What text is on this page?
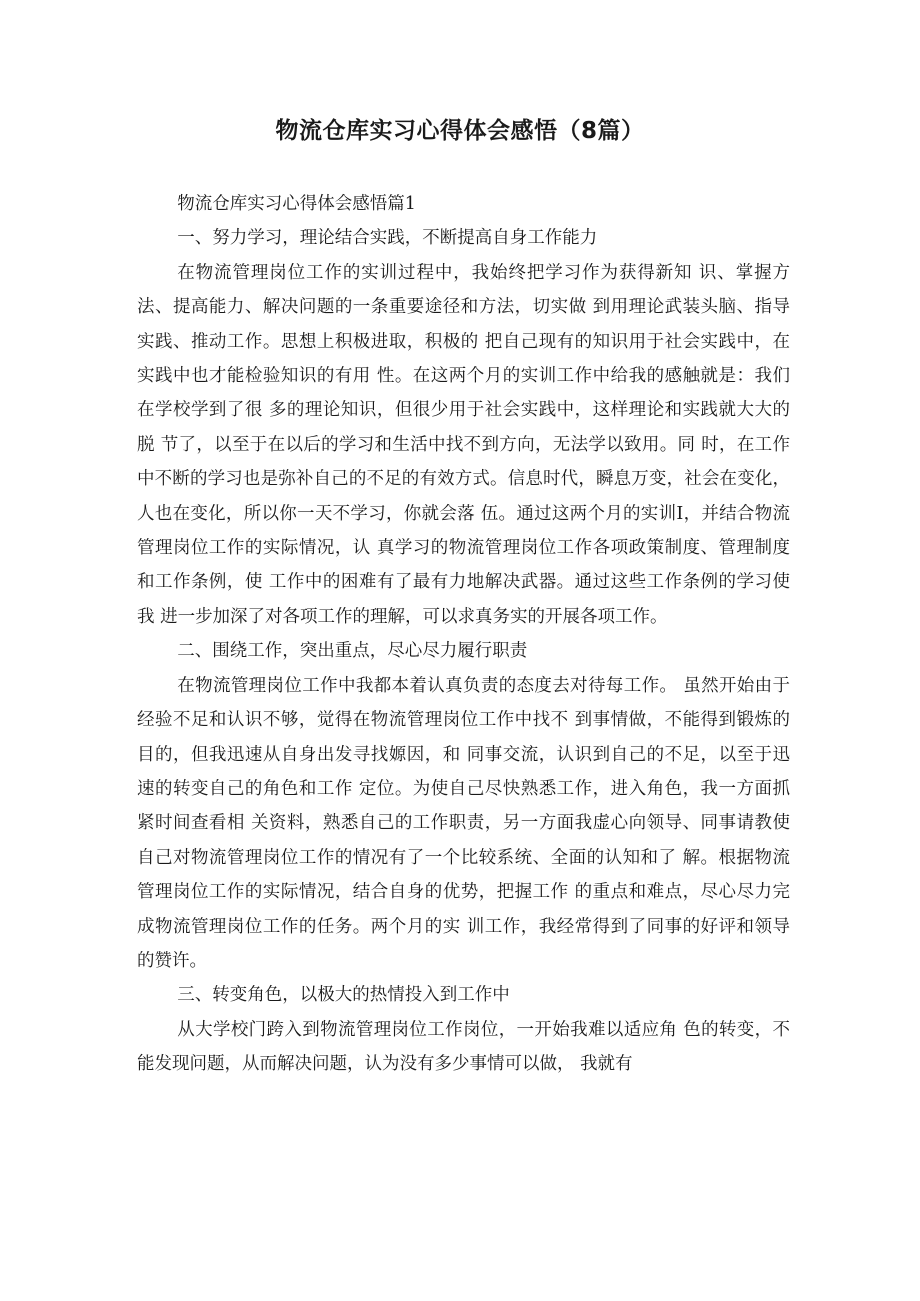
物流仓库实习心得体会感悟（8篇）

物流仓库实习心得体会感悟篇1

一、努力学习，理论结合实践，不断提高自身工作能力

在物流管理岗位工作的实训过程中，我始终把学习作为获得新知 识、掌握方法、提高能力、解决问题的一条重要途径和方法，切实做 到用理论武装头脑、指导实践、推动工作。思想上积极进取，积极的 把自己现有的知识用于社会实践中，在实践中也才能检验知识的有用 性。在这两个月的实训工作中给我的感触就是：我们在学校学到了很 多的理论知识，但很少用于社会实践中，这样理论和实践就大大的脱 节了，以至于在以后的学习和生活中找不到方向，无法学以致用。同 时，在工作中不断的学习也是弥补自己的不足的有效方式。信息时代，瞬息万变，社会在变化，人也在变化，所以你一天不学习，你就会落 伍。通过这两个月的实训I，并结合物流管理岗位工作的实际情况，认 真学习的物流管理岗位工作各项政策制度、管理制度和工作条例，使 工作中的困难有了最有力地解决武器。通过这些工作条例的学习使我 进一步加深了对各项工作的理解，可以求真务实的开展各项工作。

二、围绕工作，突出重点，尽心尽力履行职责

在物流管理岗位工作中我都本着认真负责的态度去对待每工作。 虽然开始由于经验不足和认识不够，觉得在物流管理岗位工作中找不 到事情做，不能得到锻炼的目的，但我迅速从自身出发寻找嫄因，和 同事交流，认识到自己的不足，以至于迅速的转变自己的角色和工作 定位。为使自己尽快熟悉工作，进入角色，我一方面抓紧时间查看相 关资料，熟悉自己的工作职责，另一方面我虚心向领导、同事请教使 自己对物流管理岗位工作的情况有了一个比较系统、全面的认知和了 解。根据物流管理岗位工作的实际情况，结合自身的优势，把握工作 的重点和难点，尽心尽力完成物流管理岗位工作的任务。两个月的实 训工作，我经常得到了同事的好评和领导的赞许。

三、转变角色，以极大的热情投入到工作中

从大学校门跨入到物流管理岗位工作岗位，一开始我难以适应角 色的转变，不能发现问题，从而解决问题，认为没有多少事情可以做， 我就有
